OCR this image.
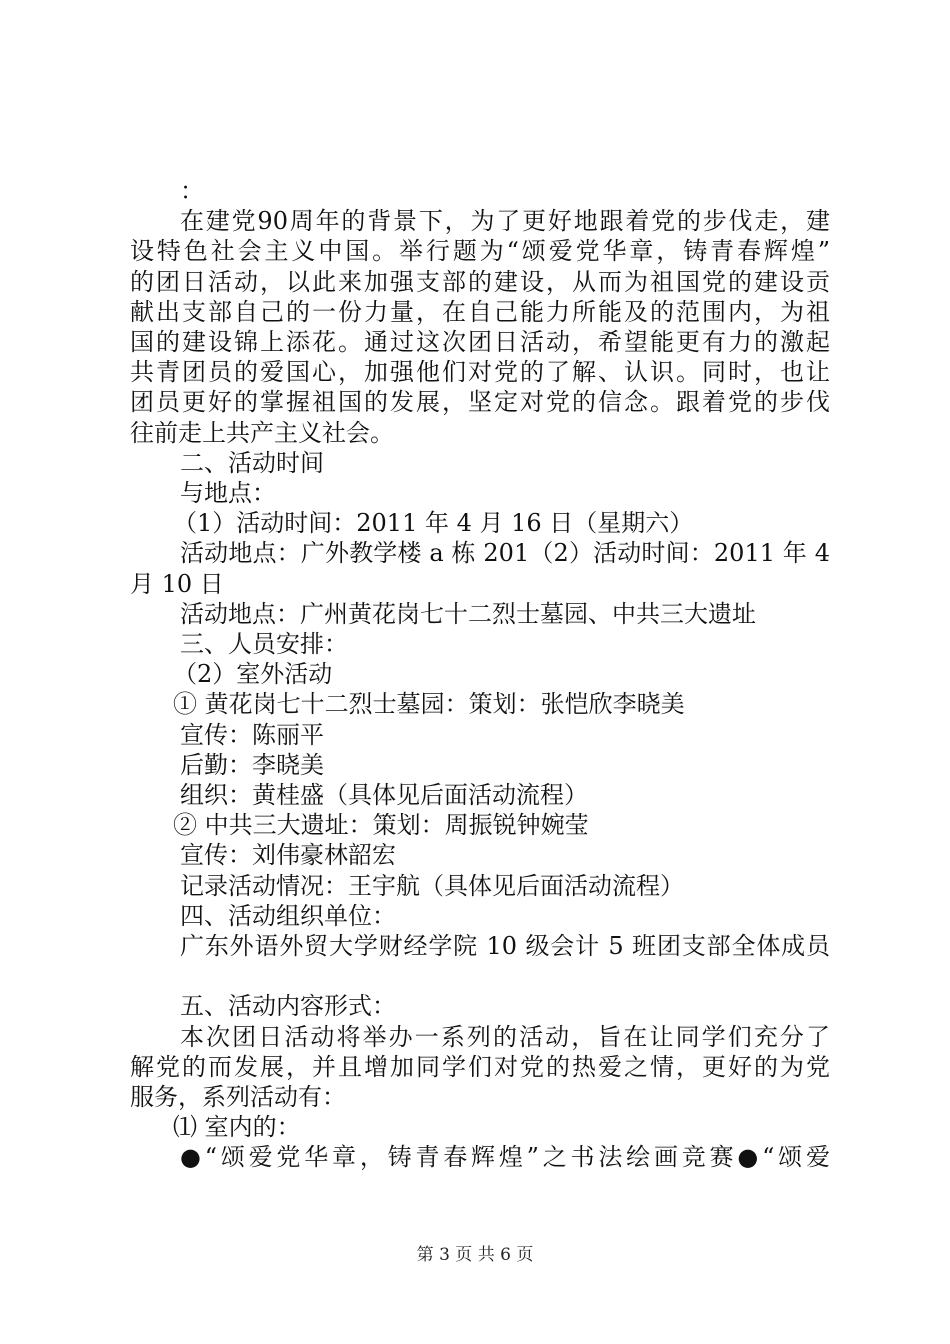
：
在建党90周年的背景下，为了更好地跟着党的步伐走，建
设特色社会主义中国。举行题为“颂爱党华章，铸青春辉煌”
的团日活动，以此来加强支部的建设，从而为祖国党的建设贡
献出支部自己的一份力量，在自己能力所能及的范围内，为祖
国的建设锦上添花。通过这次团日活动，希望能更有力的激起
共青团员的爱国心，加强他们对党的了解、认识。同时，也让
团员更好的掌握祖国的发展，坚定对党的信念。跟着党的步伐
往前走上共产主义社会。
二、活动时间
与地点：
（1）活动时间：2011 年 4 月 16 日（星期六）
活动地点：广外教学楼 a 栋 201（2）活动时间：2011 年 4
月 10 日
活动地点：广州黄花岗七十二烈士墓园、中共三大遗址
三、人员安排：
（2）室外活动
① 黄花岗七十二烈士墓园：策划：张恺欣李晓美
宣传：陈丽平
后勤：李晓美
组织：黄桂盛（具体见后面活动流程）
② 中共三大遗址：策划：周振锐钟婉莹
宣传：刘伟豪林韶宏
记录活动情况：王宇航（具体见后面活动流程）
四、活动组织单位：
广东外语外贸大学财经学院 10 级会计 5 班团支部全体成员
五、活动内容形式：
本次团日活动将举办一系列的活动，旨在让同学们充分了
解党的而发展，并且增加同学们对党的热爱之情，更好的为党
服务，系列活动有：
⑴ 室内的：
●“颂爱党华章，铸青春辉煌”之书法绘画竞赛●“颂爱
第 3 页 共 6 页
